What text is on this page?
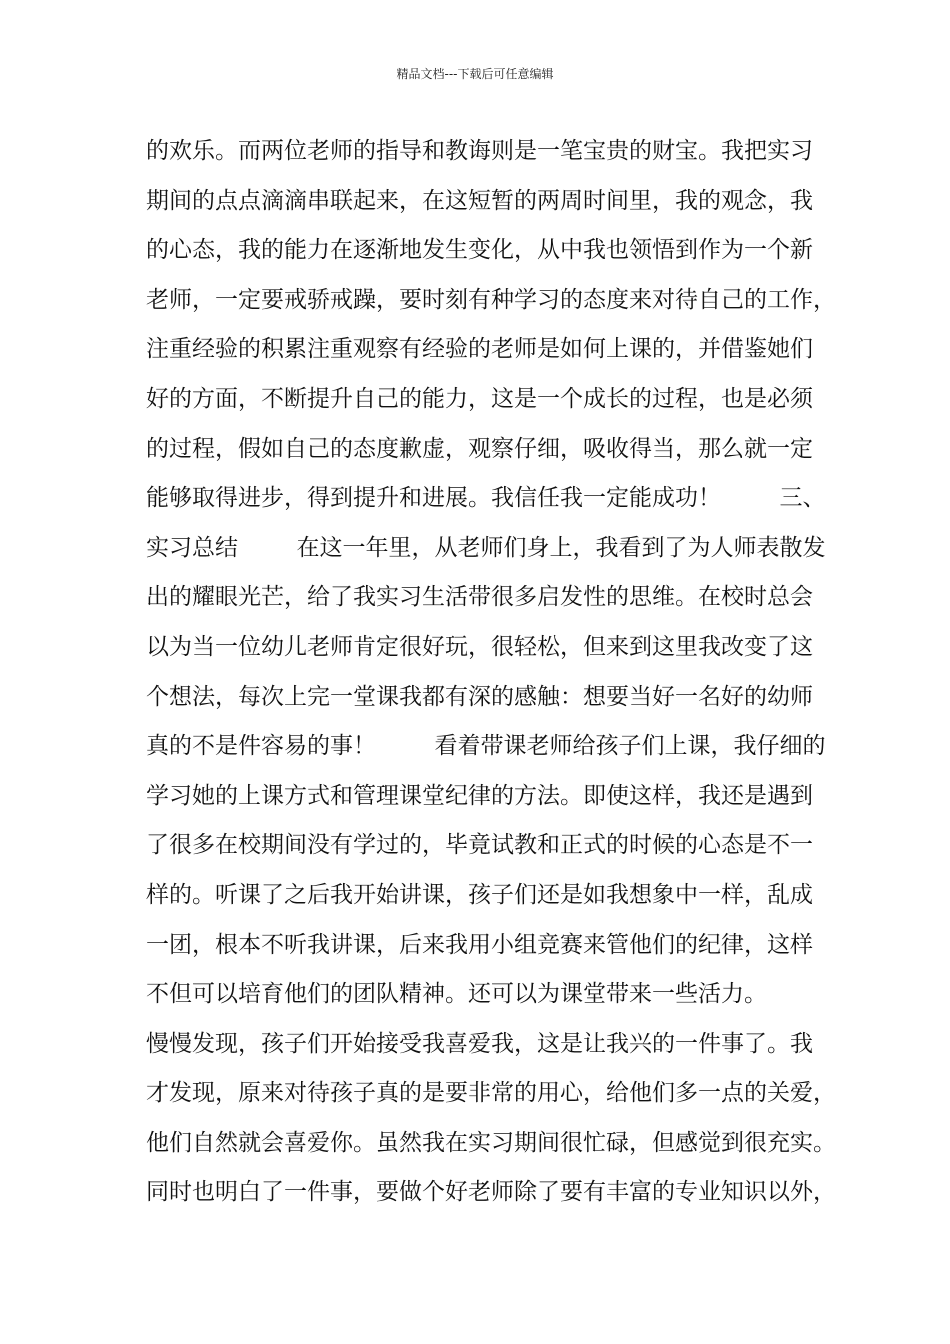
精品文档---下载后可任意编辑
的欢乐。而两位老师的指导和教诲则是一笔宝贵的财宝。我把实习
期间的点点滴滴串联起来，在这短暂的两周时间里，我的观念，我
的心态，我的能力在逐渐地发生变化，从中我也领悟到作为一个新
老师，一定要戒骄戒躁，要时刻有种学习的态度来对待自己的工作，
注重经验的积累注重观察有经验的老师是如何上课的，并借鉴她们
好的方面，不断提升自己的能力，这是一个成长的过程，也是必须
的过程，假如自己的态度歉虚，观察仔细，吸收得当，那么就一定
能够取得进步，得到提升和进展。我信任我一定能成功！        三、
实习总结        在这一年里，从老师们身上，我看到了为人师表散发
出的耀眼光芒，给了我实习生活带很多启发性的思维。在校时总会
以为当一位幼儿老师肯定很好玩，很轻松，但来到这里我改变了这
个想法，每次上完一堂课我都有深的感触：想要当好一名好的幼师
真的不是件容易的事！        看着带课老师给孩子们上课，我仔细的
学习她的上课方式和管理课堂纪律的方法。即使这样，我还是遇到
了很多在校期间没有学过的，毕竟试教和正式的时候的心态是不一
样的。听课了之后我开始讲课，孩子们还是如我想象中一样，乱成
一团，根本不听我讲课，后来我用小组竞赛来管他们的纪律，这样
不但可以培育他们的团队精神。还可以为课堂带来一些活力。
慢慢发现，孩子们开始接受我喜爱我，这是让我兴的一件事了。我
才发现，原来对待孩子真的是要非常的用心，给他们多一点的关爱，
他们自然就会喜爱你。虽然我在实习期间很忙碌，但感觉到很充实。
同时也明白了一件事，要做个好老师除了要有丰富的专业知识以外，
